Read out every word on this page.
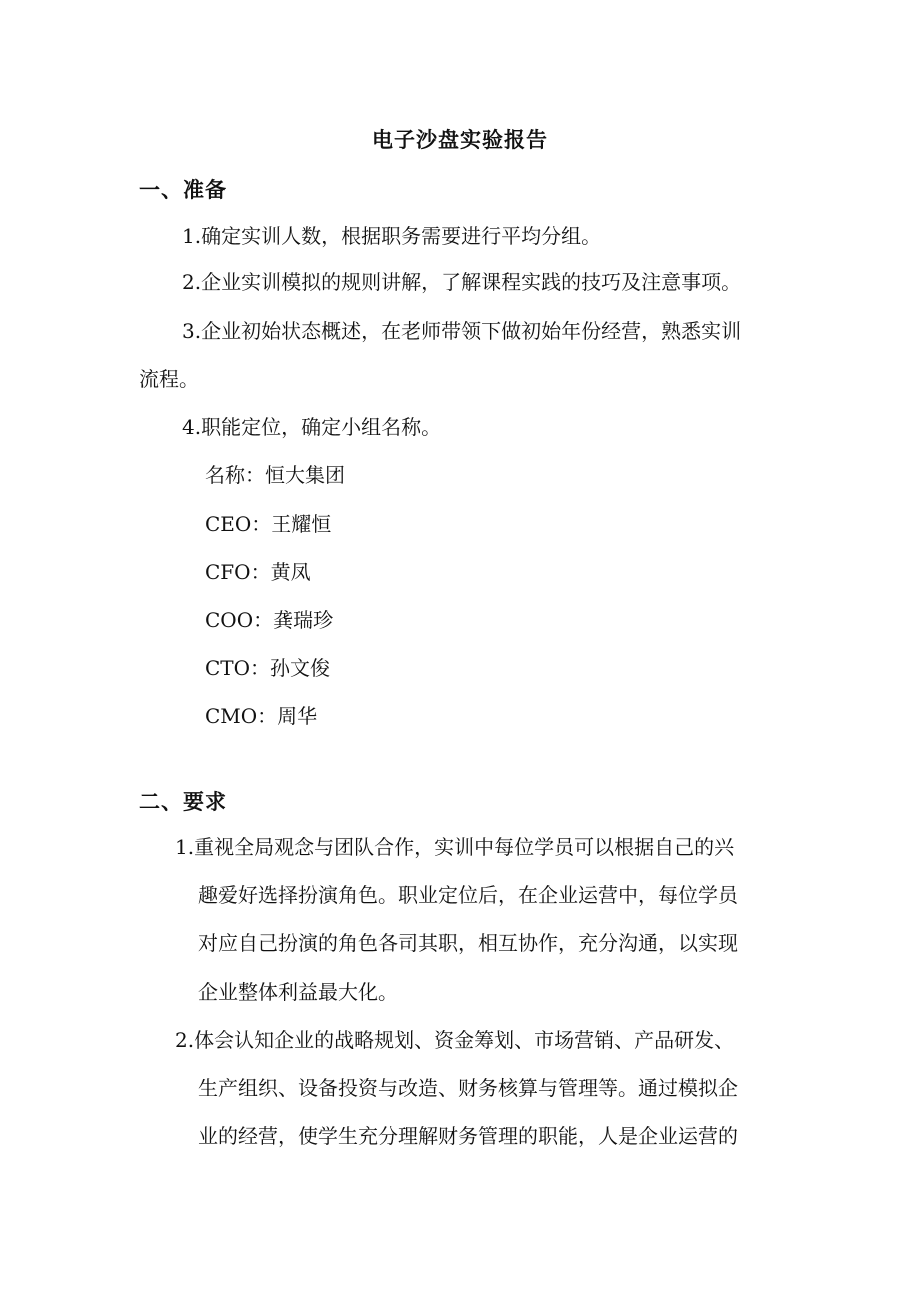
电子沙盘实验报告
一、准备
1.确定实训人数，根据职务需要进行平均分组。
2.企业实训模拟的规则讲解，了解课程实践的技巧及注意事项。
3.企业初始状态概述，在老师带领下做初始年份经营，熟悉实训
流程。
4.职能定位，确定小组名称。
名称：恒大集团
CEO：王耀恒
CFO：黄凤
COO：龚瑞珍
CTO：孙文俊
CMO：周华
二、要求
1.重视全局观念与团队合作，实训中每位学员可以根据自己的兴
趣爱好选择扮演角色。职业定位后，在企业运营中，每位学员
对应自己扮演的角色各司其职，相互协作，充分沟通，以实现
企业整体利益最大化。
2.体会认知企业的战略规划、资金筹划、市场营销、产品研发、
生产组织、设备投资与改造、财务核算与管理等。通过模拟企
业的经营，使学生充分理解财务管理的职能，人是企业运营的
